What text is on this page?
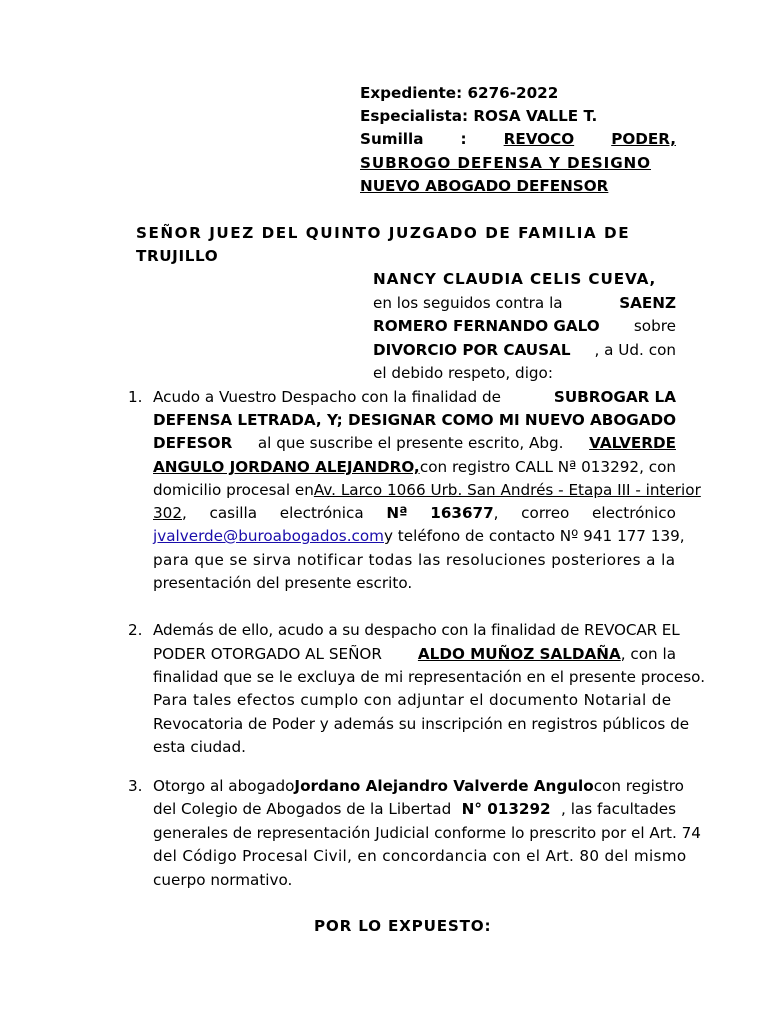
Expediente: 6276-2022
Especialista: ROSA VALLE T.
Sumilla : REVOCO PODER,
SUBROGO DEFENSA Y DESIGNO
NUEVO ABOGADO DEFENSOR
SEÑOR JUEZ DEL QUINTO JUZGADO DE FAMILIA DE
TRUJILLO
NANCY CLAUDIA CELIS CUEVA,
en los seguidos contra la	SAENZ
ROMERO FERNANDO GALO sobre
DIVORCIO POR CAUSAL , a Ud. con
el debido respeto, digo:
1. Acudo a Vuestro Despacho con la finalidad de	SUBROGAR LA
DEFENSA LETRADA, Y; DESIGNAR COMO MI NUEVO ABOGADO
DEFESOR al que suscribe el presente escrito, Abg. VALVERDE
ANGULO JORDANO ALEJANDRO, con registro CALL Nª 013292, con
domicilio procesal en Av. Larco 1066 Urb. San Andrés - Etapa III - interior
302, casilla electrónica Nª 163677, correo electrónico
jvalverde@buroabogados.com y teléfono de contacto Nº 941 177 139,
para que se sirva notificar todas las resoluciones posteriores a la
presentación del presente escrito.
2. Además de ello, acudo a su despacho con la finalidad de REVOCAR EL
PODER OTORGADO AL SEÑOR ALDO MUÑOZ SALDAÑA, con la
finalidad que se le excluya de mi representación en el presente proceso.
Para tales efectos cumplo con adjuntar el documento Notarial de
Revocatoria de Poder y además su inscripción en registros públicos de
esta ciudad.
3. Otorgo al abogado Jordano Alejandro Valverde Angulo con registro
del Colegio de Abogados de la Libertad N° 013292 , las facultades
generales de representación Judicial conforme lo prescrito por el Art. 74
del Código Procesal Civil, en concordancia con el Art. 80 del mismo
cuerpo normativo.
POR LO EXPUESTO:
